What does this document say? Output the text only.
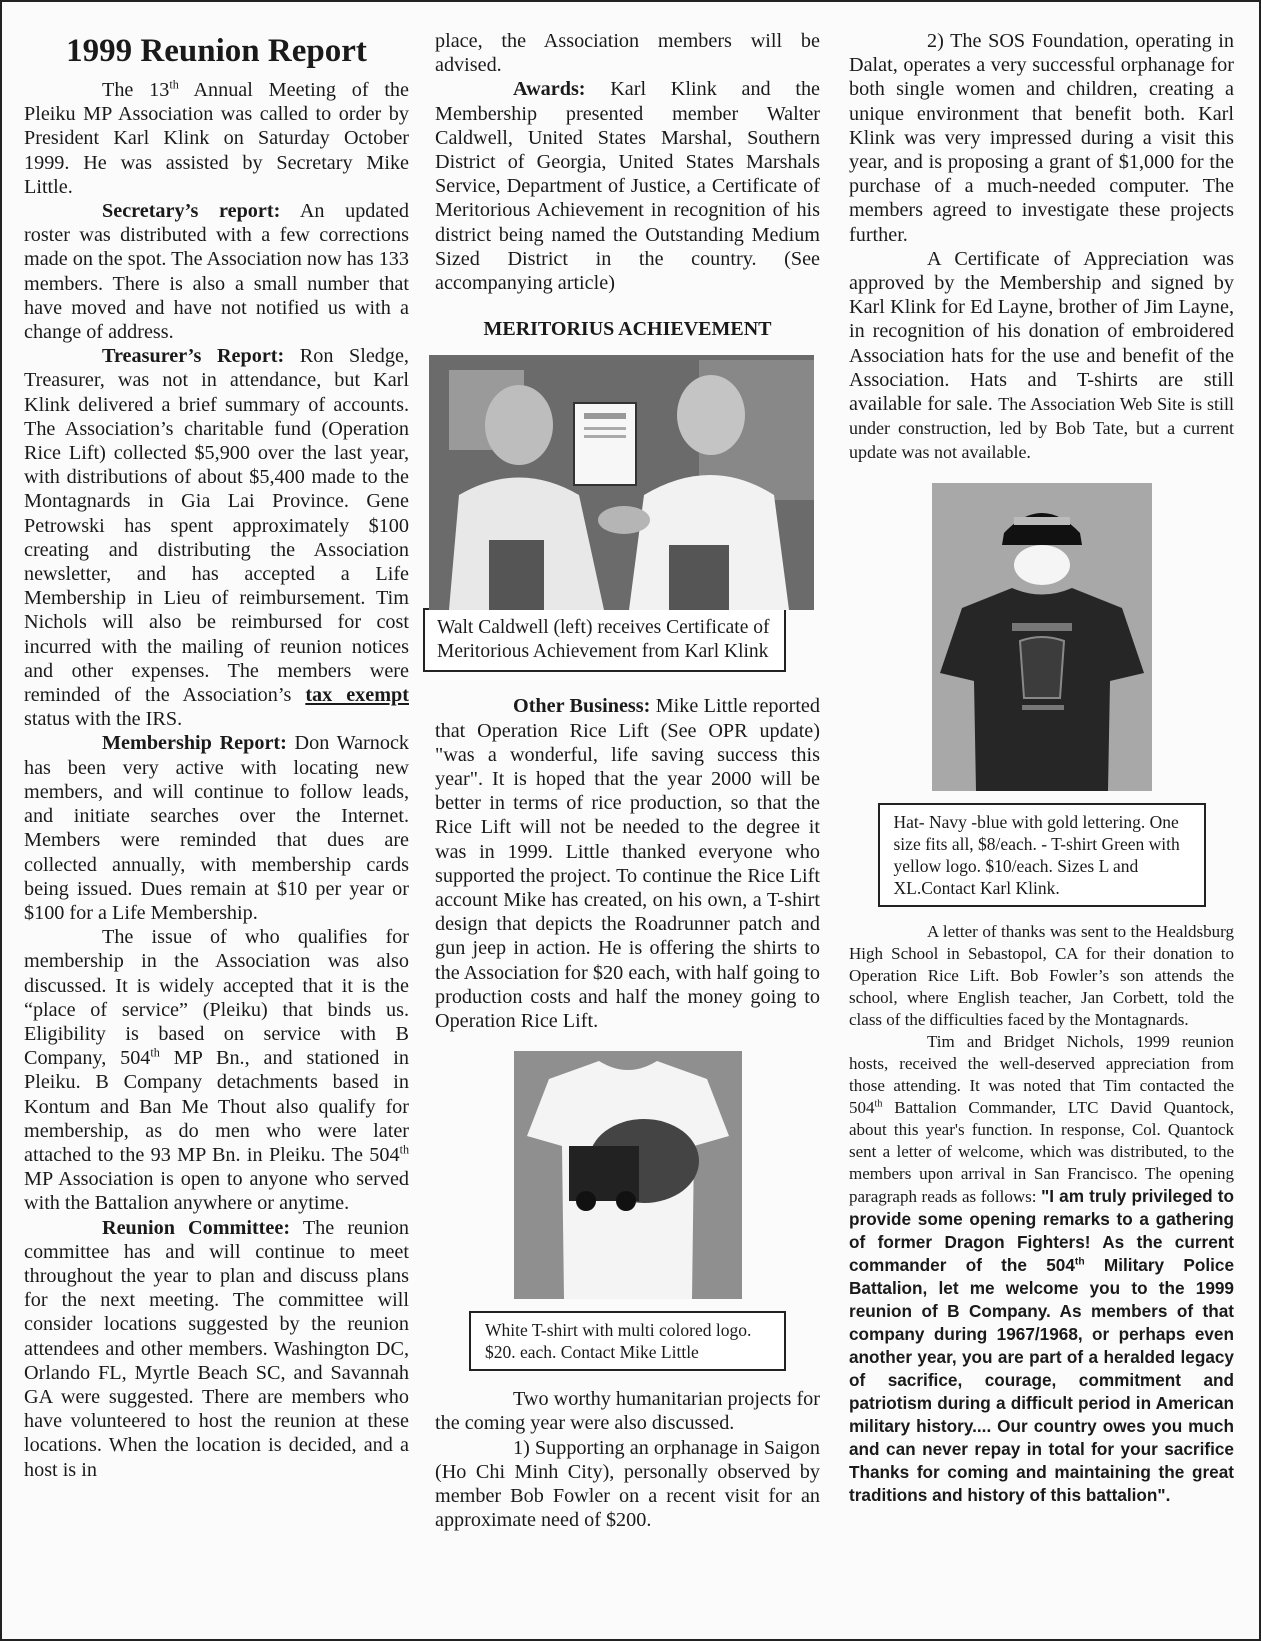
1999 Reunion Report

The 13th Annual Meeting of the Pleiku MP Association was called to order by President Karl Klink on Saturday October 1999. He was assisted by Secretary Mike Little.

Secretary’s report: An updated roster was distributed with a few corrections made on the spot. The Association now has 133 members. There is also a small number that have moved and have not notified us with a change of address.

Treasurer’s Report: Ron Sledge, Treasurer, was not in attendance, but Karl Klink delivered a brief summary of accounts. The Association’s charitable fund (Operation Rice Lift) collected $5,900 over the last year, with distributions of about $5,400 made to the Montagnards in Gia Lai Province. Gene Petrowski has spent approximately $100 creating and distributing the Association newsletter, and has accepted a Life Membership in Lieu of reimbursement. Tim Nichols will also be reimbursed for cost incurred with the mailing of reunion notices and other expenses. The members were reminded of the Association’s tax exempt status with the IRS.

Membership Report: Don Warnock has been very active with locating new members, and will continue to follow leads, and initiate searches over the Internet. Members were reminded that dues are collected annually, with membership cards being issued. Dues remain at $10 per year or $100 for a Life Membership.

The issue of who qualifies for membership in the Association was also discussed. It is widely accepted that it is the “place of service” (Pleiku) that binds us. Eligibility is based on service with B Company, 504th MP Bn., and stationed in Pleiku. B Company detachments based in Kontum and Ban Me Thout also qualify for membership, as do men who were later attached to the 93 MP Bn. in Pleiku. The 504th MP Association is open to anyone who served with the Battalion anywhere or anytime.

Reunion Committee: The reunion committee has and will continue to meet throughout the year to plan and discuss plans for the next meeting. The committee will consider locations suggested by the reunion attendees and other members. Washington DC, Orlando FL, Myrtle Beach SC, and Savannah GA were suggested. There are members who have volunteered to host the reunion at these locations. When the location is decided, and a host is in

place, the Association members will be advised.

Awards: Karl Klink and the Membership presented member Walter Caldwell, United States Marshal, Southern District of Georgia, United States Marshals Service, Department of Justice, a Certificate of Meritorious Achievement in recognition of his district being named the Outstanding Medium Sized District in the country. (See accompanying article)

MERITORIUS ACHIEVEMENT
Walt Caldwell (left) receives Certificate of Meritorious Achievement from Karl Klink

Other Business: Mike Little reported that Operation Rice Lift (See OPR update) "was a wonderful, life saving success this year". It is hoped that the year 2000 will be better in terms of rice production, so that the Rice Lift will not be needed to the degree it was in 1999. Little thanked everyone who supported the project. To continue the Rice Lift account Mike has created, on his own, a T-shirt design that depicts the Roadrunner patch and gun jeep in action. He is offering the shirts to the Association for $20 each, with half going to production costs and half the money going to Operation Rice Lift.

White T-shirt with multi colored logo. $20. each. Contact Mike Little

Two worthy humanitarian projects for the coming year were also discussed.

1) Supporting an orphanage in Saigon (Ho Chi Minh City), personally observed by member Bob Fowler on a recent visit for an approximate need of $200.

2) The SOS Foundation, operating in Dalat, operates a very successful orphanage for both single women and children, creating a unique environment that benefit both. Karl Klink was very impressed during a visit this year, and is proposing a grant of $1,000 for the purchase of a much-needed computer. The members agreed to investigate these projects further.

A Certificate of Appreciation was approved by the Membership and signed by Karl Klink for Ed Layne, brother of Jim Layne, in recognition of his donation of embroidered Association hats for the use and benefit of the Association. Hats and T-shirts are still available for sale. The Association Web Site is still under construction, led by Bob Tate, but a current update was not available.

Hat- Navy -blue with gold lettering. One size fits all, $8/each. - T-shirt Green with yellow logo. $10/each. Sizes L and XL.Contact Karl Klink.

A letter of thanks was sent to the Healdsburg High School in Sebastopol, CA for their donation to Operation Rice Lift. Bob Fowler’s son attends the school, where English teacher, Jan Corbett, told the class of the difficulties faced by the Montagnards.

Tim and Bridget Nichols, 1999 reunion hosts, received the well-deserved appreciation from those attending. It was noted that Tim contacted the 504th Battalion Commander, LTC David Quantock, about this year's function. In response, Col. Quantock sent a letter of welcome, which was distributed, to the members upon arrival in San Francisco. The opening paragraph reads as follows: "I am truly privileged to provide some opening remarks to a gathering of former Dragon Fighters! As the current commander of the 504th Military Police Battalion, let me welcome you to the 1999 reunion of B Company. As members of that company during 1967/1968, or perhaps even another year, you are part of a heralded legacy of sacrifice, courage, commitment and patriotism during a difficult period in American military history.... Our country owes you much and can never repay in total for your sacrifice Thanks for coming and maintaining the great traditions and history of this battalion".
